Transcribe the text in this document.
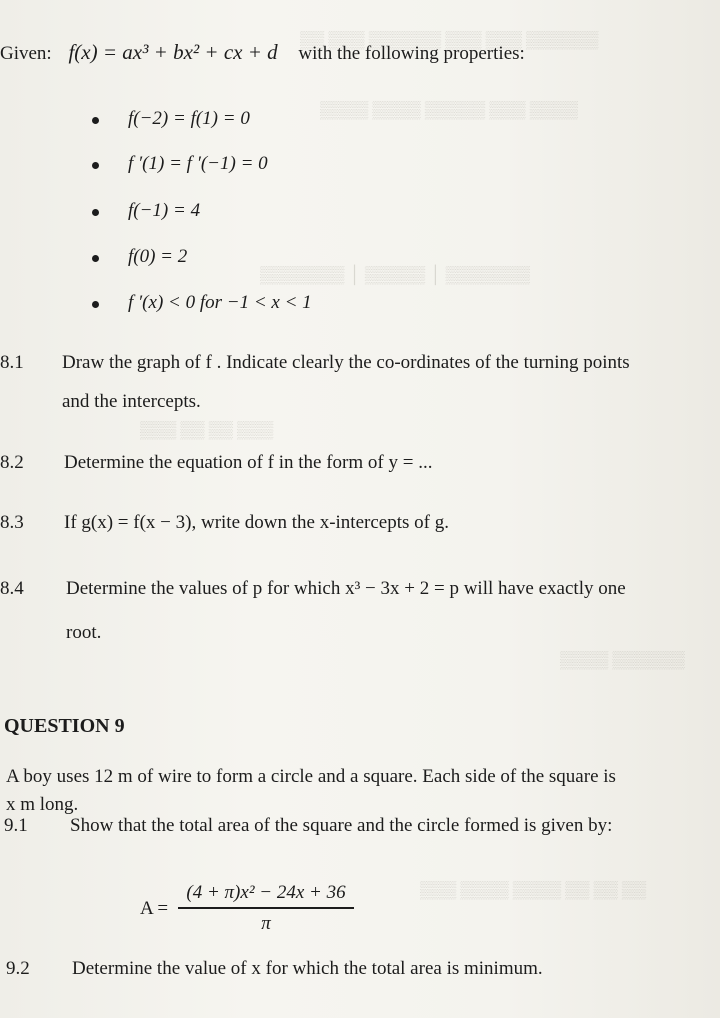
▒▒ ▒▒▒ ▒▒▒▒▒▒ ▒▒▒ ▒▒▒ ▒▒▒▒▒▒
▒▒▒▒ ▒▒▒▒ ▒▒▒▒▒ ▒▒▒ ▒▒▒▒
▒▒▒▒▒▒▒ │ ▒▒▒▒▒ │ ▒▒▒▒▒▒▒
▒▒▒ ▒▒ ▒▒ ▒▒▒
▒▒▒▒ ▒▒▒▒▒▒
▒▒▒ ▒▒▒▒ ▒▒▒▒ ▒▒ ▒▒ ▒▒
Given: f(x) = ax³ + bx² + cx + d with the following properties:
f(−2) = f(1) = 0
f ′(1) = f ′(−1) = 0
f(−1) = 4
f(0) = 2
f ′(x) < 0 for −1 < x < 1
8.1 Draw the graph of f . Indicate clearly the co-ordinates of the turning points
and the intercepts.
8.2 Determine the equation of f in the form of y = ...
8.3 If g(x) = f(x − 3), write down the x-intercepts of g.
8.4 Determine the values of p for which x³ − 3x + 2 = p will have exactly one
root.
QUESTION 9
A boy uses 12 m of wire to form a circle and a square. Each side of the square is
x m long.
9.1 Show that the total area of the square and the circle formed is given by:
A =
(4 + π)x² − 24x + 36
π
9.2 Determine the value of x for which the total area is minimum.
